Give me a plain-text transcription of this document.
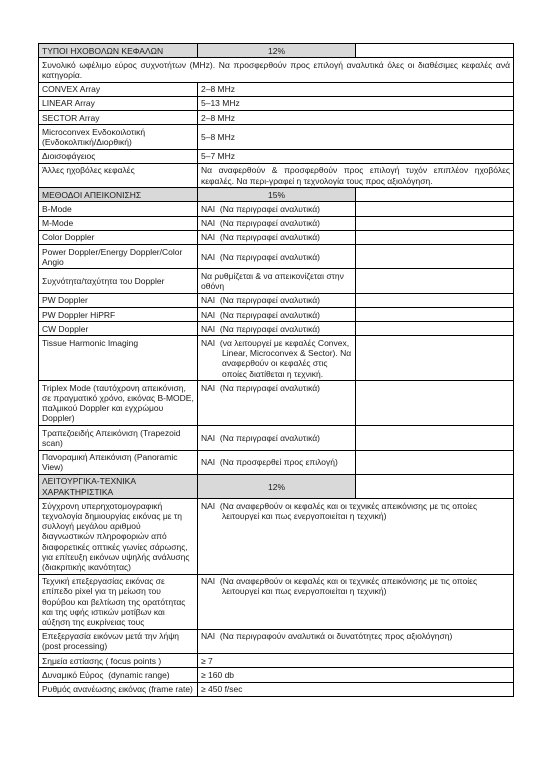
ΤΥΠΟΙ ΗΧΟΒΟΛΩΝ ΚΕΦΑΛΩΝ	12%	
Συνολικό ωφέλιμο εύρος συχνοτήτων (MHz). Να προσφερθούν προς επιλογή αναλυτικά όλες οι διαθέσιμες κεφαλές ανά κατηγορία.		
CONVEX Array	2–8 MHz	
LINEAR Array	5–13 MHz	
SECTOR Array	2–8 MHz	
Microconvex Ενδοκοιλοτική (Ενδοκολπική/Διορθική)	5–8 MHz	
Διοισοφάγειος	5–7 MHz	
Άλλες ηχοβόλες κεφαλές	Να αναφερθούν & προσφερθούν προς επιλογή τυχόν επιπλέον ηχοβόλες κεφαλές. Να περι-γραφεί η τεχνολογία τους προς αξιολόγηση.	
ΜΕΘΟΔΟΙ ΑΠΕΙΚΟΝΙΣΗΣ	15%	
B-Mode	ΝΑΙ  (Να περιγραφεί αναλυτικά)	
M-Mode	ΝΑΙ  (Να περιγραφεί αναλυτικά)	
Color Doppler	ΝΑΙ  (Να περιγραφεί αναλυτικά)	
Power Doppler/Energy Doppler/Color Angio	ΝΑΙ  (Να περιγραφεί αναλυτικά)	
Συχνότητα/ταχύτητα του Doppler	Να ρυθμίζεται & να απεικονίζεται στην οθόνη	
PW Doppler	ΝΑΙ  (Να περιγραφεί αναλυτικά)	
PW Doppler HiPRF	ΝΑΙ  (Να περιγραφεί αναλυτικά)	
CW Doppler	ΝΑΙ  (Να περιγραφεί αναλυτικά)	
Tissue Harmonic Imaging	ΝΑΙ  (να λειτουργεί με κεφαλές Convex, Linear, Microconvex & Sector). Να αναφερθούν οι κεφαλές στις οποίες διατίθεται η τεχνική.	
Triplex Mode (ταυτόχρονη απεικόνιση, σε πραγματικό χρόνο, εικόνας B-MODE, παλμικού Doppler και εγχρώμου Doppler)	ΝΑΙ  (Να περιγραφεί αναλυτικά)	
Τραπεζοειδής Απεικόνιση (Trapezoid scan)	ΝΑΙ  (Να περιγραφεί αναλυτικά)	
Πανοραμική Απεικόνιση (Panoramic View)	ΝΑΙ  (Να προσφερθεί προς επιλογή)	
ΛΕΙΤΟΥΡΓΙΚΑ-ΤΕΧΝΙΚΑ ΧΑΡΑΚΤΗΡΙΣΤΙΚΑ	12%	
Σύγχρονη υπερηχοτομογραφική τεχνολογία δημιουργίας εικόνας με τη συλλογή μεγάλου αριθμού διαγνωστικών πληροφοριών από διαφορετικές οπτικές γωνίες σάρωσης, για επίτευξη εικόνων υψηλής ανάλυσης (διακριτικής ικανότητας)	ΝΑΙ  (Να αναφερθούν οι κεφαλές και οι τεχνικές απεικόνισης με τις οποίες λειτουργεί και πως ενεργοποιείται η τεχνική)	
Τεχνική επεξεργασίας εικόνας σε επίπεδο pixel για τη μείωση του θορύβου και βελτίωση της ορατότητας και της υφής ιστικών μοτίβων και αύξηση της ευκρίνειας τους	ΝΑΙ  (Να αναφερθούν οι κεφαλές και οι τεχνικές απεικόνισης με τις οποίες λειτουργεί και πως ενεργοποιείται η τεχνική)	
Επεξεργασία εικόνων μετά την λήψη (post processing)	ΝΑΙ  (Να περιγραφούν αναλυτικά οι δυνατότητες προς αξιολόγηση)	
Σημεία εστίασης ( focus points )	≥ 7	
Δυναμικό Εύρος  (dynamic range)	≥ 160 db	
Ρυθμός ανανέωσης εικόνας (frame rate)	≥ 450 f/sec	
